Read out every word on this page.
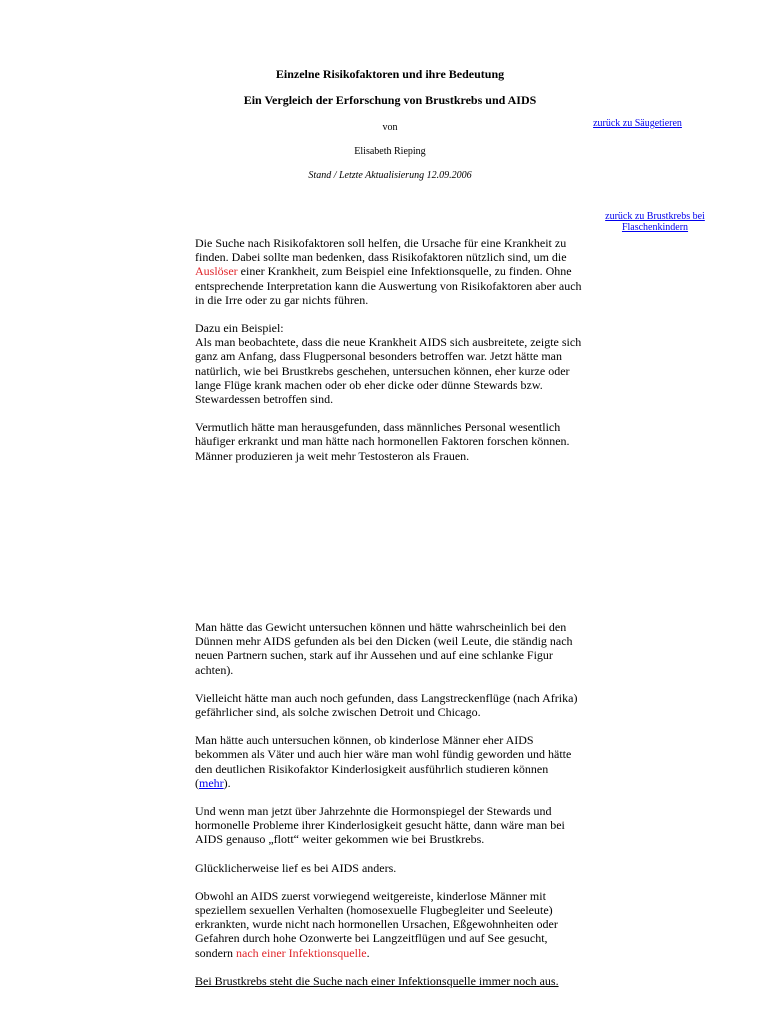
Einzelne Risikofaktoren und ihre Bedeutung
Ein Vergleich der Erforschung von Brustkrebs und AIDS
von
Elisabeth Rieping
Stand / Letzte Aktualisierung 12.09.2006
zurück zu Säugetieren
zurück zu Brustkrebs bei
Flaschenkindern

Die Suche nach Risikofaktoren soll helfen, die Ursache für eine Krankheit zu finden. Dabei sollte man bedenken, dass Risikofaktoren nützlich sind, um die Auslöser einer Krankheit, zum Beispiel eine Infektionsquelle, zu finden. Ohne entsprechende Interpretation kann die Auswertung von Risikofaktoren aber auch in die Irre oder zu gar nichts führen.

Dazu ein Beispiel:
Als man beobachtete, dass die neue Krankheit AIDS sich ausbreitete, zeigte sich ganz am Anfang, dass Flugpersonal besonders betroffen war. Jetzt hätte man natürlich, wie bei Brustkrebs geschehen, untersuchen können, eher kurze oder lange Flüge krank machen oder ob eher dicke oder dünne Stewards bzw. Stewardessen betroffen sind.

Vermutlich hätte man herausgefunden, dass männliches Personal wesentlich häufiger erkrankt und man hätte nach hormonellen Faktoren forschen können. Männer produzieren ja weit mehr Testosteron als Frauen.

Man hätte das Gewicht untersuchen können und hätte wahrscheinlich bei den Dünnen mehr AIDS gefunden als bei den Dicken (weil Leute, die ständig nach neuen Partnern suchen, stark auf ihr Aussehen und auf eine schlanke Figur achten).

Vielleicht hätte man auch noch gefunden, dass Langstreckenflüge (nach Afrika) gefährlicher sind, als solche zwischen Detroit und Chicago.

Man hätte auch untersuchen können, ob kinderlose Männer eher AIDS bekommen als Väter und auch hier wäre man wohl fündig geworden und hätte den deutlichen Risikofaktor Kinderlosigkeit ausführlich studieren können (mehr).

Und wenn man jetzt über Jahrzehnte die Hormonspiegel der Stewards und hormonelle Probleme ihrer Kinderlosigkeit gesucht hätte, dann wäre man bei AIDS genauso „flott“ weiter gekommen wie bei Brustkrebs.

Glücklicherweise lief es bei AIDS anders.

Obwohl an AIDS zuerst vorwiegend weitgereiste, kinderlose Männer mit speziellem sexuellen Verhalten (homosexuelle Flugbegleiter und Seeleute) erkrankten, wurde nicht nach hormonellen Ursachen, Eßgewohnheiten oder Gefahren durch hohe Ozonwerte bei Langzeitflügen und auf See gesucht, sondern nach einer Infektionsquelle.

Bei Brustkrebs steht die Suche nach einer Infektionsquelle immer noch aus.
